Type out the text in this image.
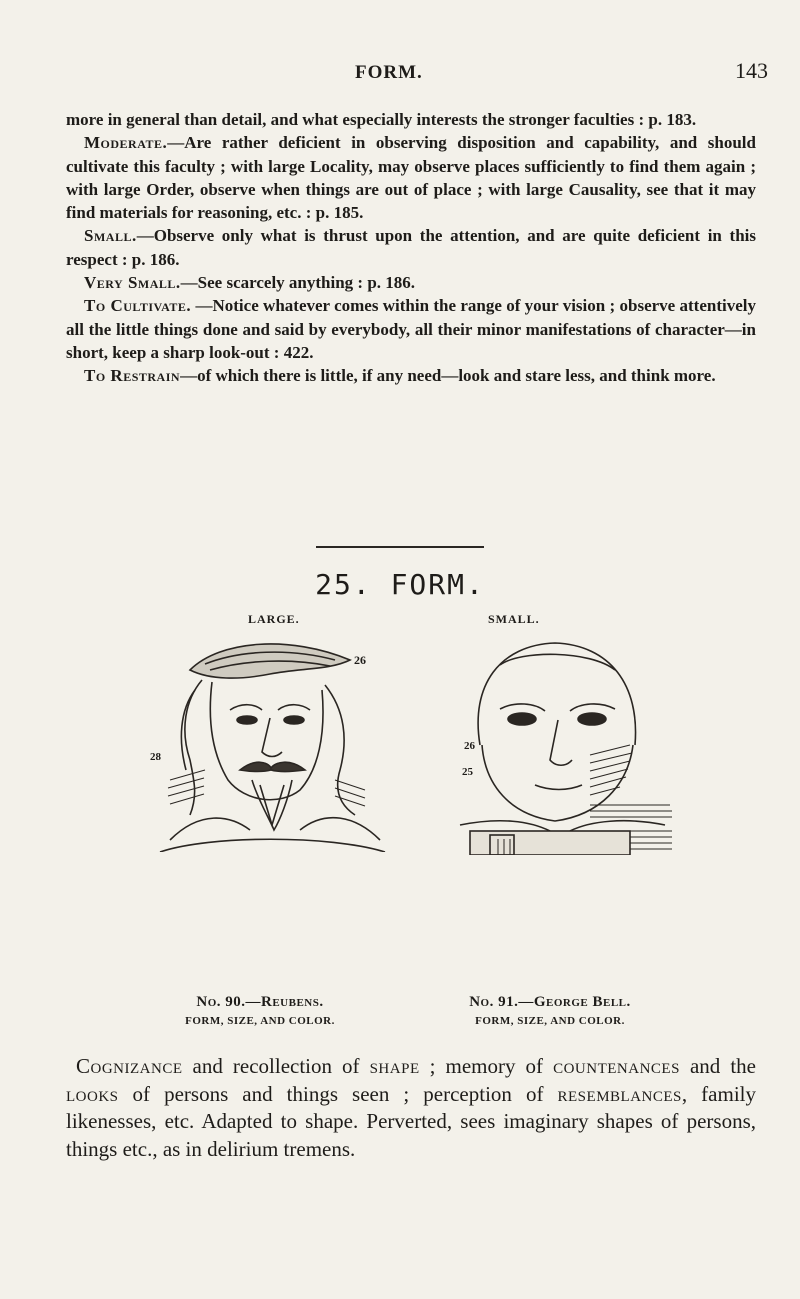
FORM.	143

more in general than detail, and what especially interests the stronger faculties : p. 183.

Moderate.—Are rather deficient in observing disposition and capability, and should cultivate this faculty ; with large Locality, may observe places sufficiently to find them again ; with large Order, observe when things are out of place ; with large Causality, see that it may find materials for reasoning, etc. : p. 185.

Small.—Observe only what is thrust upon the attention, and are quite deficient in this respect : p. 186.

Very Small.—See scarcely anything : p. 186.

To Cultivate. —Notice whatever comes within the range of your vision ; observe attentively all the little things done and said by everybody, all their minor manifestations of character—in short, keep a sharp look-out : 422.

To Restrain—of which there is little, if any need—look and stare less, and think more.

25. FORM.
LARGE.	SMALL.
26
28
26
25
No. 90.—Reubens.
FORM, SIZE, AND COLOR.
No. 91.—George Bell.
FORM, SIZE, AND COLOR.

Cognizance and recollection of shape ; memory of countenances and the looks of persons and things seen ; perception of resemblances, family likenesses, etc. Adapted to shape. Perverted, sees imaginary shapes of persons, things etc., as in delirium tremens.
